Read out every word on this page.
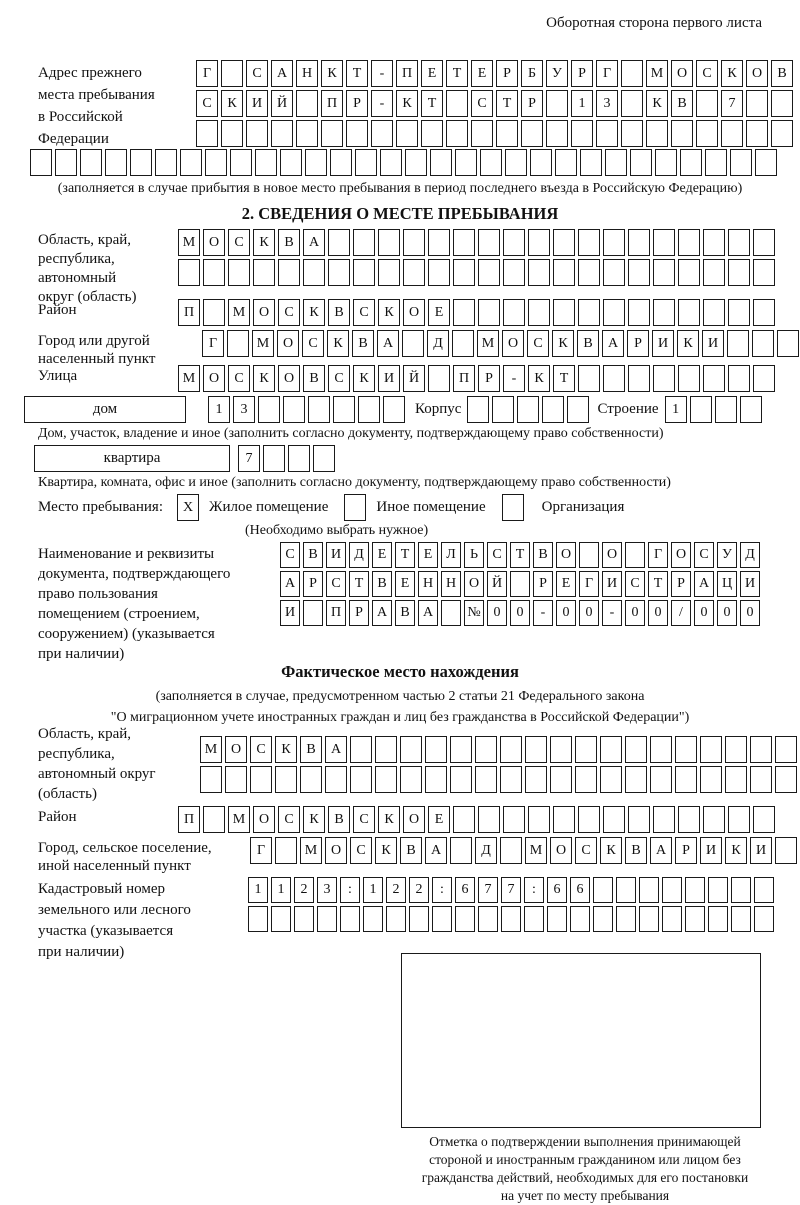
Оборотная сторона первого листа
Адрес прежнего
места пребывания
в Российской
Федерации
Г	С	А	Н	К	Т	-	П	Е	Т	Е	Р	Б	У	Р	Г	М О	С	К	О	В
С	К	И	Й	П	Р	-	К	Т	С	Т	Р	1	3	К	В	7
(заполняется в случае прибытия в новое место пребывания в период последнего въезда в Российскую Федерацию)
2. СВЕДЕНИЯ О МЕСТЕ ПРЕБЫВАНИЯ
Область, край,
республика,
автономный
округ (область)
М О	С	К	В	А
Район	П	М О	С	К	В	С	К	О	Е
Город или другой
населенный пункт
Г	М О	С	К	В	А	Д	М О	С	К	В	А	Р	И	К	И
Улица	М О	С	К	О	В	С	К	И	Й	П	Р	-	К	Т
дом	1	3	Корпус	Строение 1
Дом, участок, владение и иное (заполнить согласно документу, подтверждающему право собственности)
квартира	7
Квартира, комната, офис и иное (заполнить согласно документу, подтверждающему право собственности)
Место пребывания:	X	Жилое помещение	Иное помещение	Организация
(Необходимо выбрать нужное)
Наименование и реквизиты
документа, подтверждающего
право пользования
помещением (строением,
сооружением) (указывается
при наличии)
С В И Д Е	Т	Е Л	Ь	С	Т	В О	О	Г О С У Д
А	Р	С	Т	В	Е Н Н О Й	Р	Е	Г И С	Т	Р	А Ц И
И	П	Р	А В А	№ 0	0	-	0	0	-	0	0	/	0	0	0
Фактическое место нахождения
(заполняется в случае, предусмотренном частью 2 статьи 21 Федерального закона
"О миграционном учете иностранных граждан и лиц без гражданства в Российской Федерации")
Область, край,
республика,
автономный округ
(область)
М О	С	К	В	А
Район	П	М О	С	К	В	С	К	О	Е
Город, сельское поселение,
иной населенный пункт
Г	М О	С	К	В	А	Д	М О	С	К	В	А	Р	И	К	И
Кадастровый номер
земельного или лесного
участка (указывается
при наличии)
1	1	2	3	:	1	2	2	:	6	7	7	:	6	6
Отметка о подтверждении выполнения принимающей
стороной и иностранным гражданином или лицом без
гражданства действий, необходимых для его постановки
на учет по месту пребывания
